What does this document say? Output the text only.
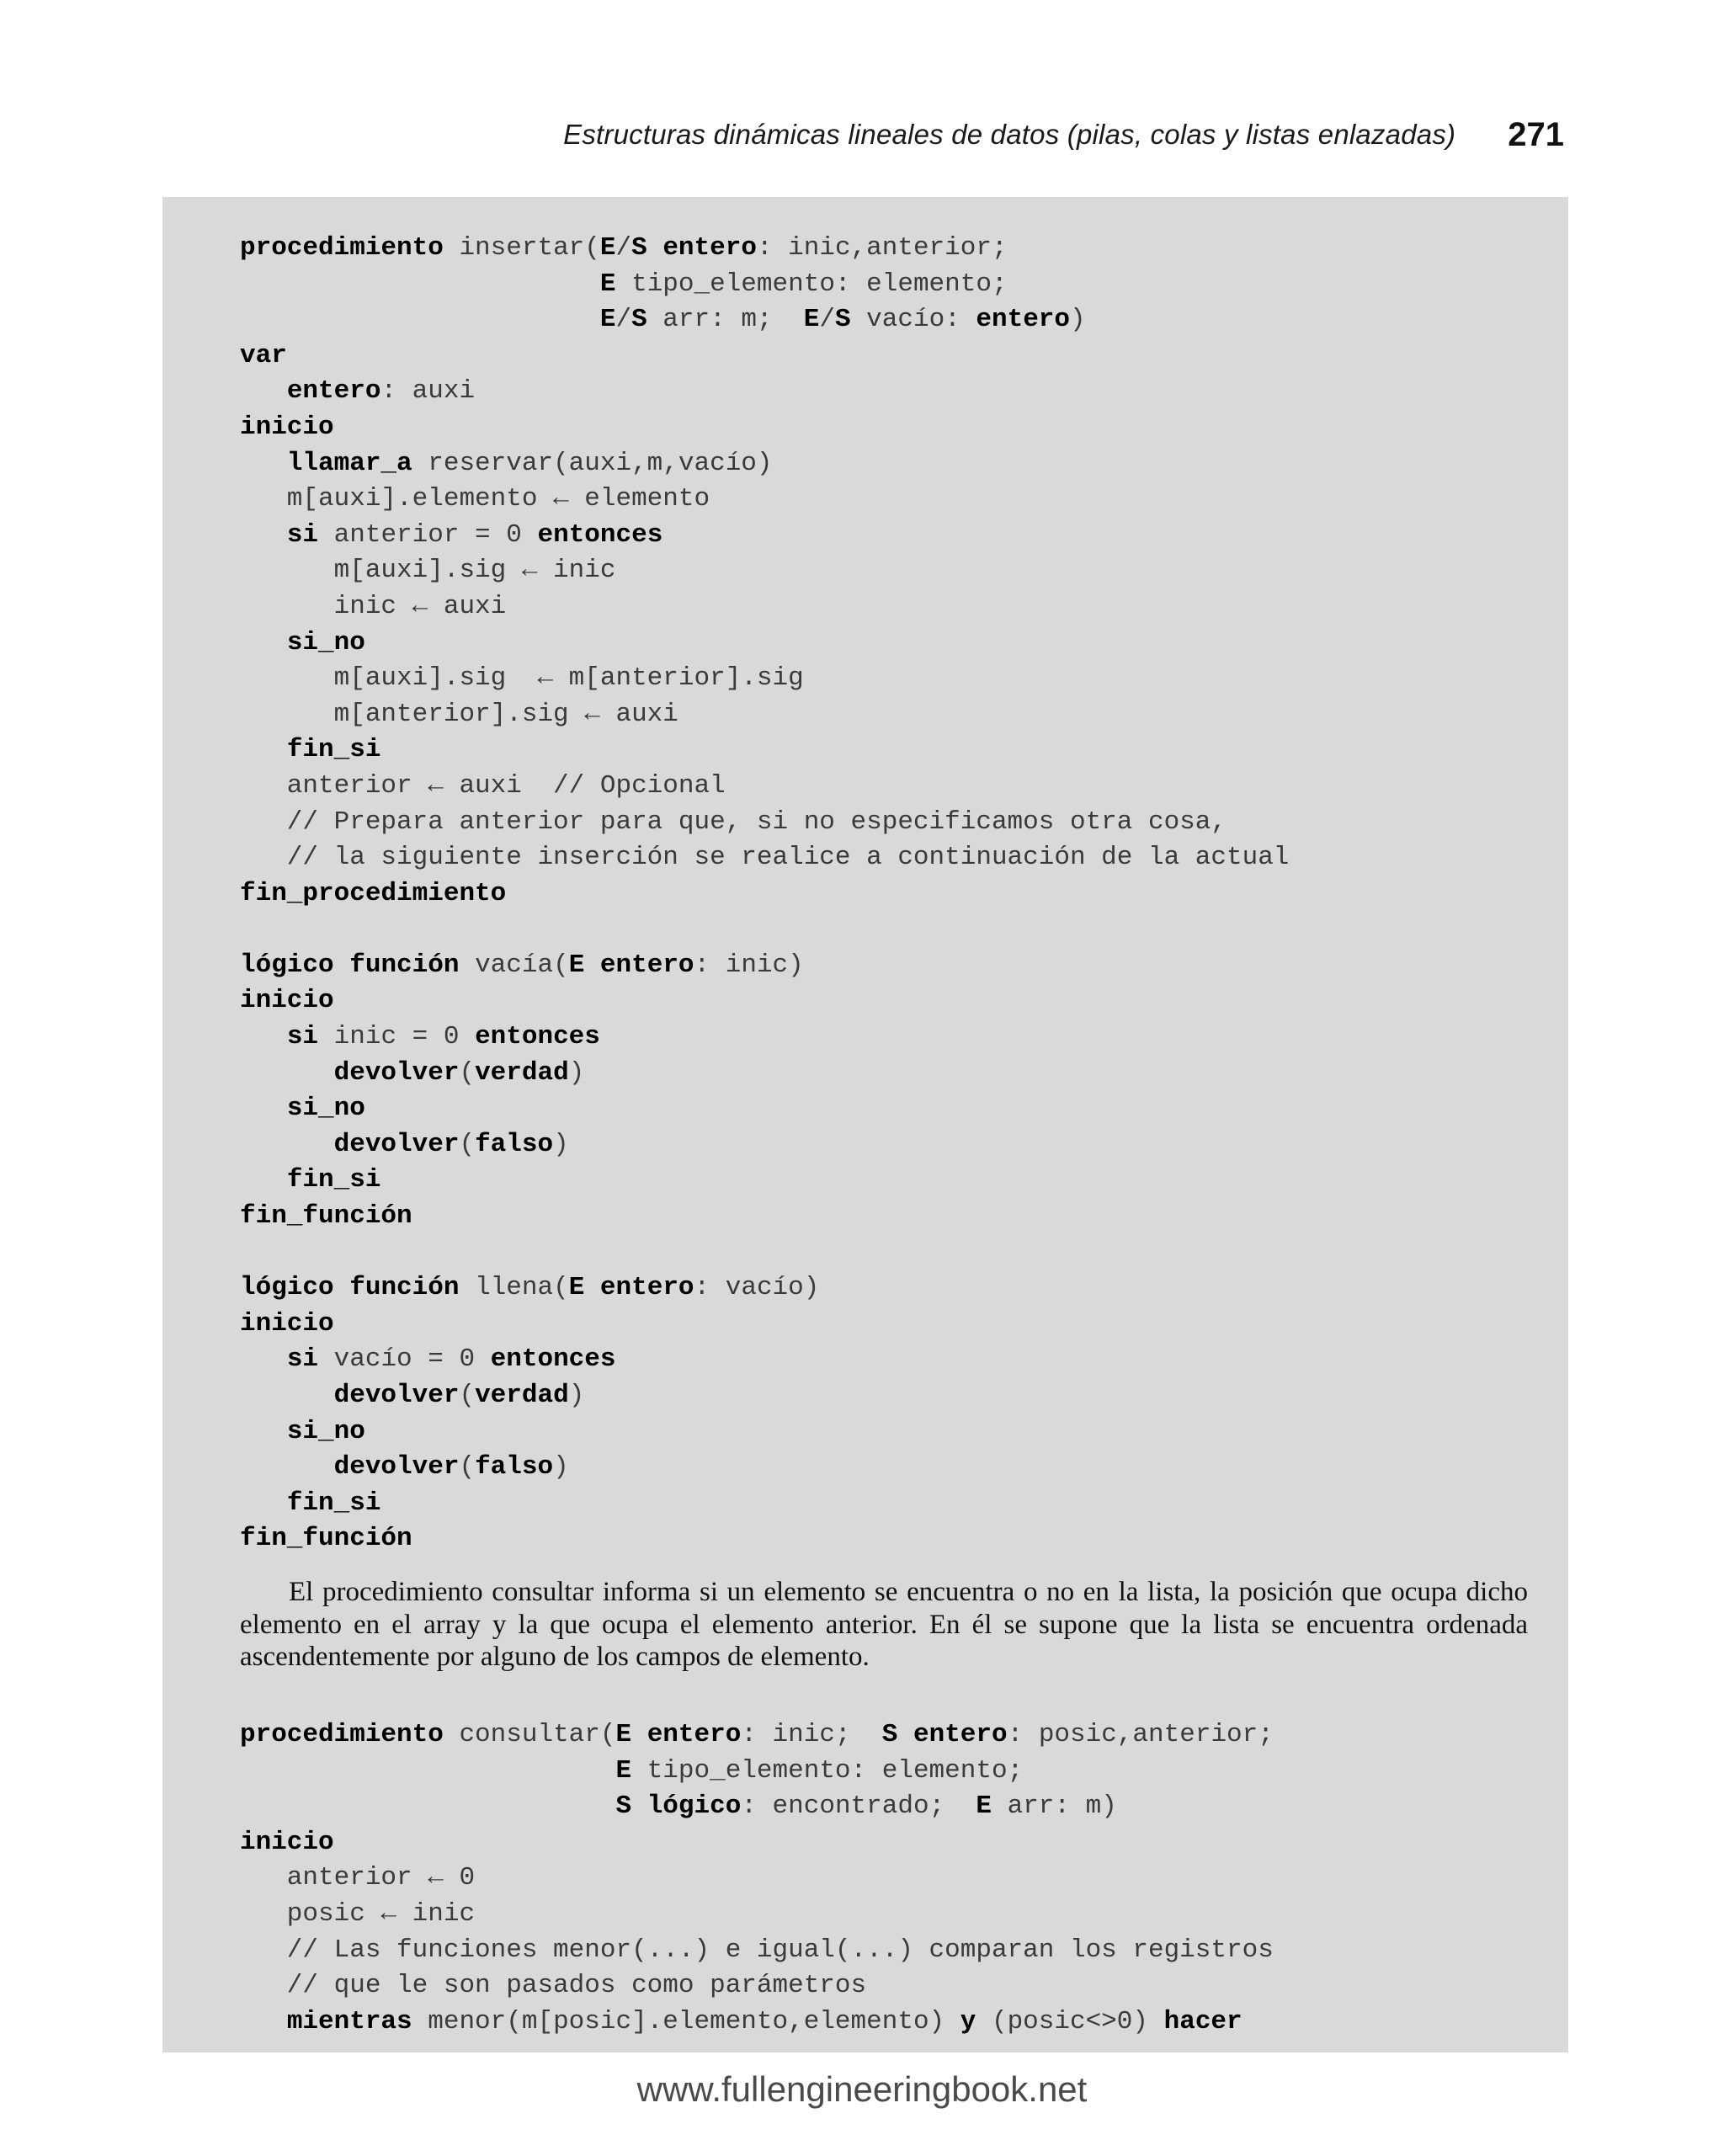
Estructuras dinámicas lineales de datos (pilas, colas y listas enlazadas) 271
procedimiento insertar(E/S entero: inic,anterior;
E tipo_elemento: elemento;
E/S arr: m;  E/S vacío: entero)
var
entero: auxi
inicio
llamar_a reservar(auxi,m,vacío)
m[auxi].elemento ← elemento
si anterior = 0 entonces
m[auxi].sig ← inic
inic ← auxi
si_no
m[auxi].sig  ← m[anterior].sig
m[anterior].sig ← auxi
fin_si
anterior ← auxi  // Opcional
// Prepara anterior para que, si no especificamos otra cosa,
// la siguiente inserción se realice a continuación de la actual
fin_procedimiento

lógico función vacía(E entero: inic)
inicio
si inic = 0 entonces
devolver(verdad)
si_no
devolver(falso)
fin_si
fin_función

lógico función llena(E entero: vacío)
inicio
si vacío = 0 entonces
devolver(verdad)
si_no
devolver(falso)
fin_si
fin_función

El procedimiento consultar informa si un elemento se encuentra o no en la lista, la posición que ocupa dicho elemento en el array y la que ocupa el elemento anterior. En él se supone que la lista se encuentra ordenada ascendentemente por alguno de los campos de elemento.

procedimiento consultar(E entero: inic;  S entero: posic,anterior;
E tipo_elemento: elemento;
S lógico: encontrado;  E arr: m)
inicio
anterior ← 0
posic ← inic
// Las funciones menor(...) e igual(...) comparan los registros
// que le son pasados como parámetros
mientras menor(m[posic].elemento,elemento) y (posic<>0) hacer
www.fullengineeringbook.net
